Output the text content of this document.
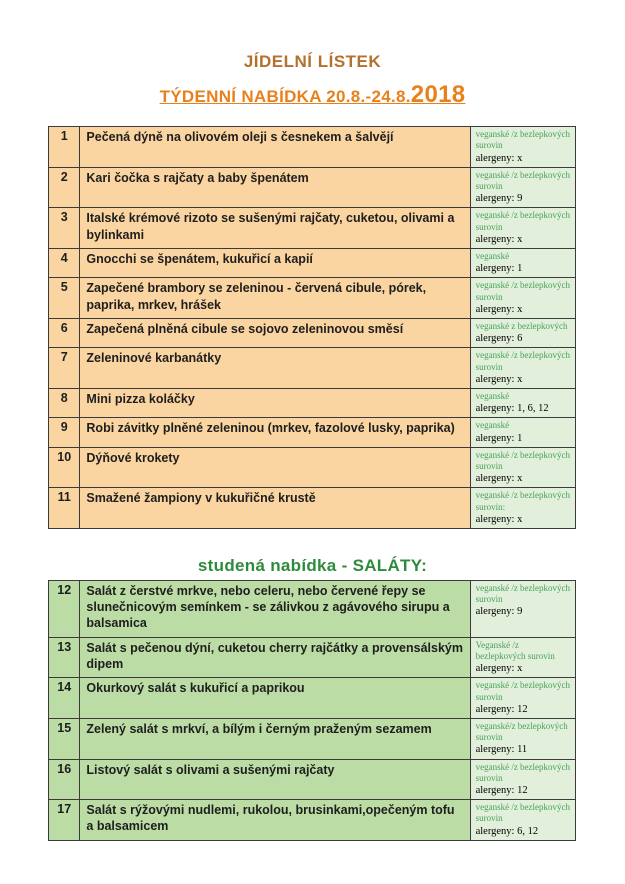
JÍDELNÍ LÍSTEK
TÝDENNÍ NABÍDKA 20.8.-24.8.2018
1	Pečená dýně na olivovém oleji s česnekem a šalvějí	veganské /z bezlepkových surovin
alergeny: x

2	Kari čočka s rajčaty a baby špenátem	veganské /z bezlepkových surovin
alergeny: 9

3	Italské krémové rizoto se sušenými rajčaty, cuketou, olivami a bylinkami	veganské /z bezlepkových surovin
alergeny: x

4	Gnocchi se špenátem, kukuřicí a kapií	veganské
alergeny: 1

5	Zapečené brambory se zeleninou - červená cibule, pórek, paprika, mrkev, hrášek	veganské /z bezlepkových surovin
alergeny: x

6	Zapečená plněná cibule se sojovo zeleninovou směsí	veganské z bezlepkových
alergeny: 6

7	Zeleninové karbanátky	veganské /z bezlepkových surovin
alergeny: x

8	Mini pizza koláčky	veganské
alergeny: 1, 6, 12

9	Robi závitky plněné zeleninou (mrkev, fazolové lusky, paprika)	veganské
alergeny: 1

10	Dýňové krokety	veganské /z bezlepkových surovin
alergeny: x

11	Smažené žampiony v kukuřičné krustě	veganské /z bezlepkových surovin:
alergeny: x
studená nabídka - SALÁTY:
12	Salát z čerstvé mrkve, nebo celeru, nebo červené řepy se slunečnicovým semínkem - se zálivkou z agávového sirupu a balsamica	veganské /z bezlepkových surovin
alergeny: 9

13	Salát s pečenou dýní, cuketou cherry rajčátky a provensálským dipem	Veganské /z bezlepkových surovin
alergeny: x

14	Okurkový salát s kukuřicí a paprikou	veganské /z bezlepkových surovin
alergeny: 12

15	Zelený salát s mrkví, a bílým i černým praženým sezamem	veganské/z bezlepkových surovin
alergeny: 11

16	Listový salát s olivami a sušenými rajčaty	veganské /z bezlepkových surovin
alergeny: 12

17	Salát s rýžovými nudlemi, rukolou, brusinkami,opečeným tofu a balsamicem	veganské /z bezlepkových surovin
alergeny: 6, 12
